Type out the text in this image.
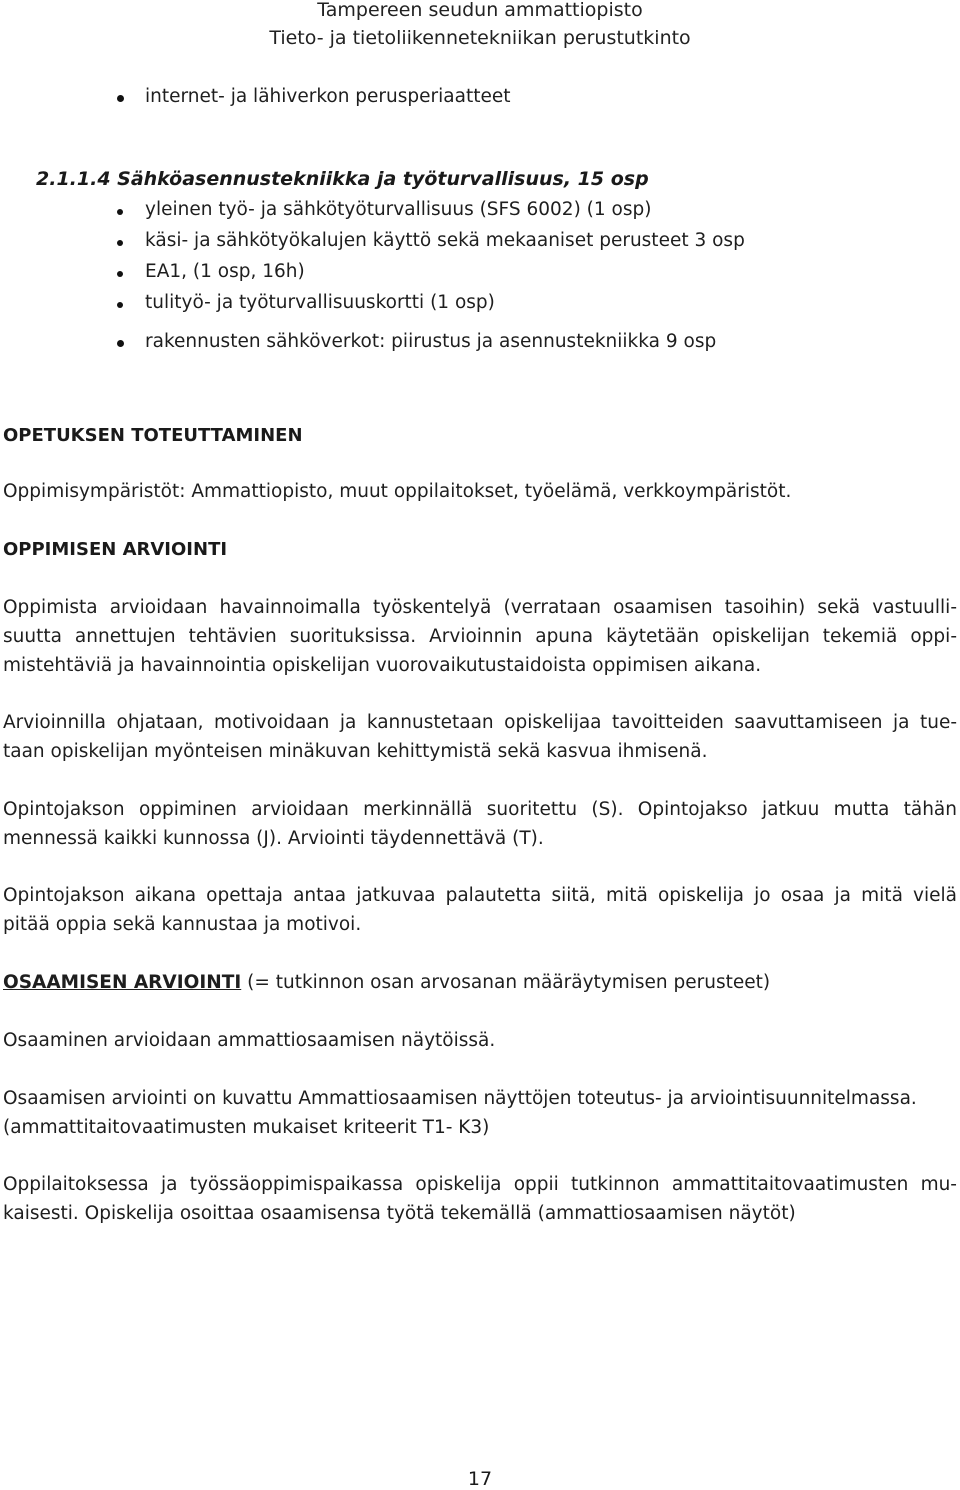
Tampereen seudun ammattiopisto
Tieto- ja tietoliikennetekniikan perustutkinto
internet- ja lähiverkon perusperiaatteet
2.1.1.4 Sähköasennustekniikka ja työturvallisuus, 15 osp
yleinen työ- ja sähkötyöturvallisuus (SFS 6002) (1 osp)
käsi- ja sähkötyökalujen käyttö sekä mekaaniset perusteet 3 osp
EA1, (1 osp, 16h)
tulityö- ja työturvallisuuskortti (1 osp)
rakennusten sähköverkot: piirustus ja asennustekniikka 9 osp
OPETUKSEN TOTEUTTAMINEN
Oppimisympäristöt: Ammattiopisto, muut oppilaitokset, työelämä, verkkoympäristöt.
OPPIMISEN ARVIOINTI
Oppimista arvioidaan havainnoimalla työskentelyä (verrataan osaamisen tasoihin) sekä vastuulli-
suutta annettujen tehtävien suorituksissa. Arvioinnin apuna käytetään opiskelijan tekemiä oppi-
mistehtäviä ja havainnointia opiskelijan vuorovaikutustaidoista oppimisen aikana.
Arvioinnilla ohjataan, motivoidaan ja kannustetaan opiskelijaa tavoitteiden saavuttamiseen ja tue-
taan opiskelijan myönteisen minäkuvan kehittymistä sekä kasvua ihmisenä.
Opintojakson oppiminen arvioidaan merkinnällä suoritettu (S). Opintojakso jatkuu mutta tähän
mennessä kaikki kunnossa (J). Arviointi täydennettävä (T).
Opintojakson aikana opettaja antaa jatkuvaa palautetta siitä, mitä opiskelija jo osaa ja mitä vielä
pitää oppia sekä kannustaa ja motivoi.
OSAAMISEN ARVIOINTI (= tutkinnon osan arvosanan määräytymisen perusteet)
Osaaminen arvioidaan ammattiosaamisen näytöissä.
Osaamisen arviointi on kuvattu Ammattiosaamisen näyttöjen toteutus- ja arviointisuunnitelmassa.
(ammattitaitovaatimusten mukaiset kriteerit T1- K3)
Oppilaitoksessa ja työssäoppimispaikassa opiskelija oppii tutkinnon ammattitaitovaatimusten mu-
kaisesti. Opiskelija osoittaa osaamisensa työtä tekemällä (ammattiosaamisen näytöt)
17
